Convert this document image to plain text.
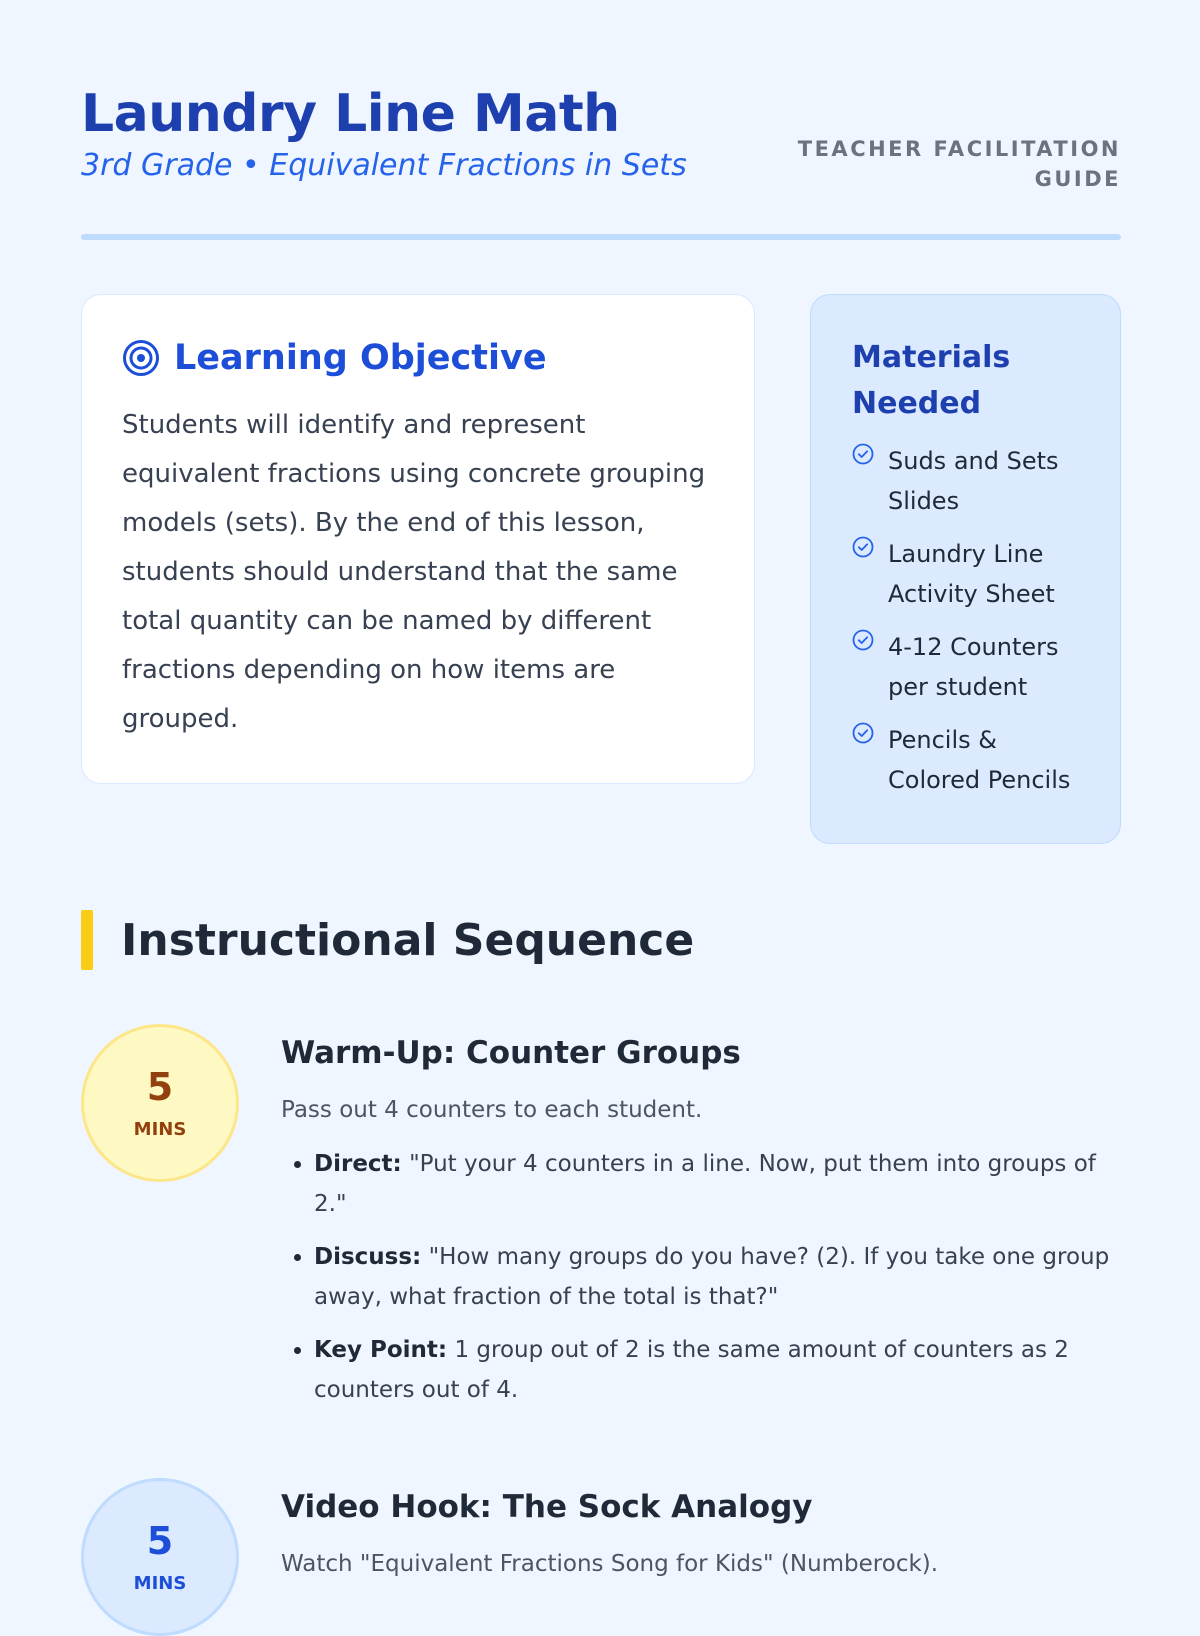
Laundry Line Math
3rd Grade • Equivalent Fractions in Sets	TEACHER FACILITATION GUIDE
Learning Objective

Students will identify and represent equivalent fractions using concrete grouping models (sets). By the end of this lesson, students should understand that the same total quantity can be named by different fractions depending on how items are grouped.

Materials Needed
Suds and Sets Slides
Laundry Line Activity Sheet
4-12 Counters per student
Pencils & Colored Pencils
Instructional Sequence
5
MINS
Warm-Up: Counter Groups

Pass out 4 counters to each student.

• Direct: "Put your 4 counters in a line. Now, put them into groups of 2."
• Discuss: "How many groups do you have? (2). If you take one group away, what fraction of the total is that?"
• Key Point: 1 group out of 2 is the same amount of counters as 2 counters out of 4.
5
MINS
Video Hook: The Sock Analogy

Watch "Equivalent Fractions Song for Kids" (Numberock).
